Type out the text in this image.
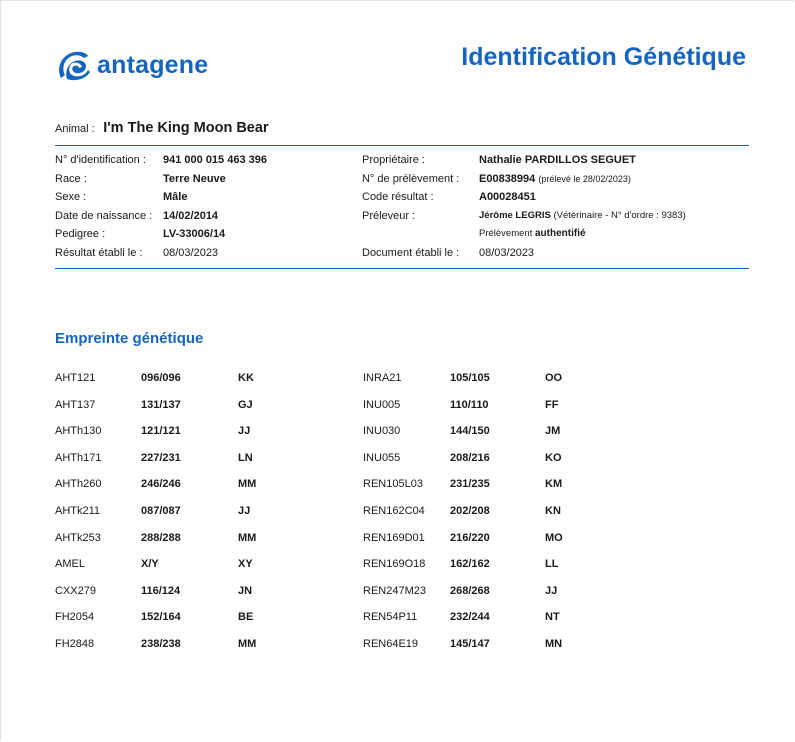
antagene	Identification Génétique
Animal : I'm The King Moon Bear
N° d'identification : 941 000 015 463 396	Propriétaire :	Nathalie PARDILLOS SEGUET
Race :	Terre Neuve	N° de prélèvement : E00838994 (prélevé le 28/02/2023)
Sexe :	Mâle	Code résultat :	A00028451
Date de naissance : 14/02/2014	Préleveur :	Jérôme LEGRIS (Vétérinaire - N° d'ordre : 9383)
Pedigree :	LV-33006/14	Prélèvement authentifié
Résultat établi le : 08/03/2023	Document établi le : 08/03/2023
Empreinte génétique
AHT121	096/096	KK	INRA21	105/105	OO
AHT137	131/137	GJ	INU005	110/110	FF
AHTh130	121/121	JJ	INU030	144/150	JM
AHTh171	227/231	LN	INU055	208/216	KO
AHTh260	246/246	MM	REN105L03 231/235	KM
AHTk211	087/087	JJ	REN162C04 202/208	KN
AHTk253	288/288	MM	REN169D01 216/220	MO
AMEL	X/Y	XY	REN169O18 162/162	LL
CXX279	116/124	JN	REN247M23 268/268	JJ
FH2054	152/164	BE	REN54P11	232/244	NT
FH2848	238/238	MM	REN64E19	145/147	MN
